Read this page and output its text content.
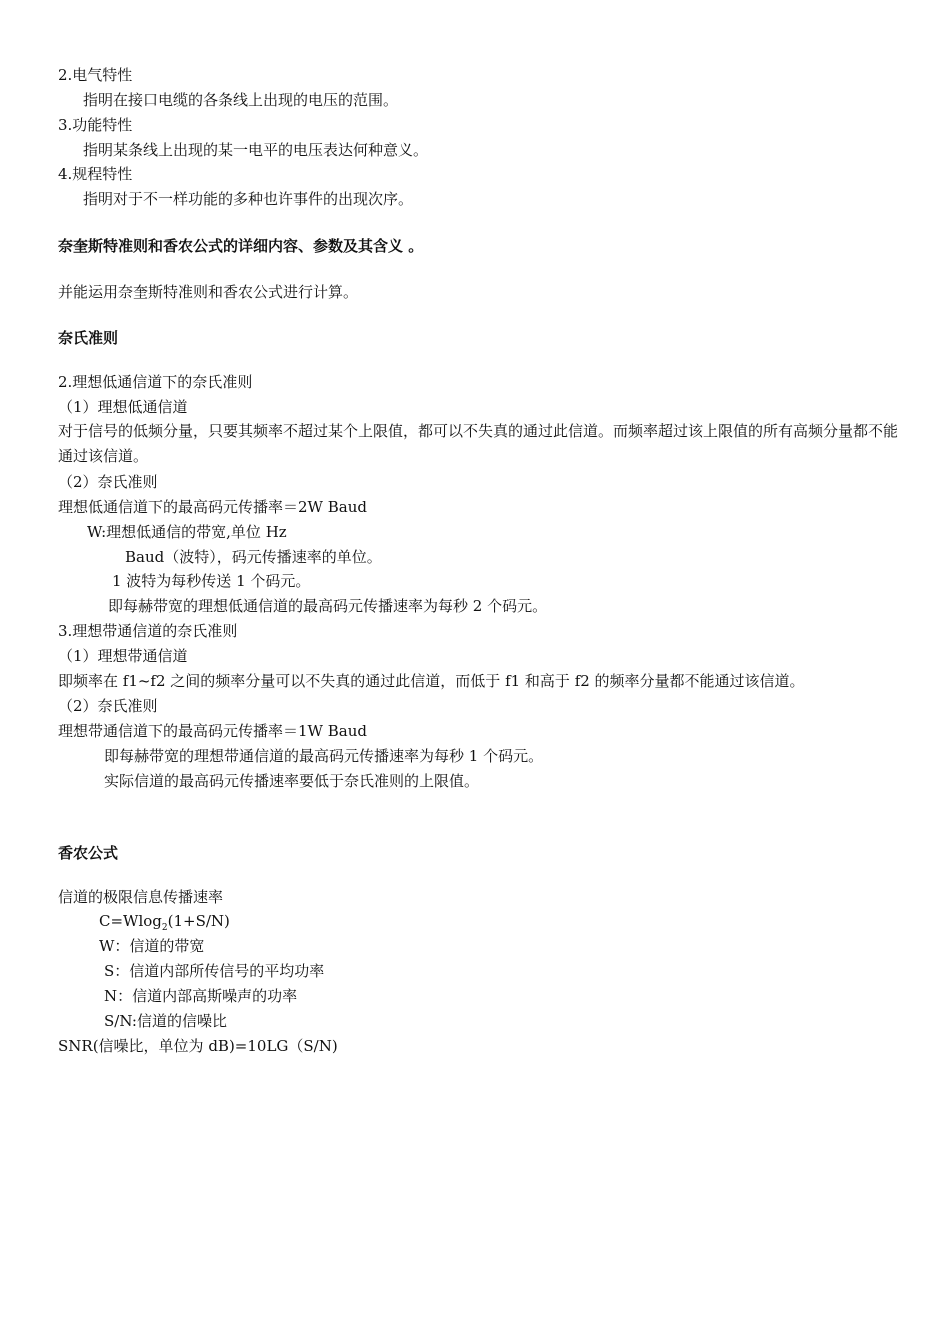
2.电气特性

指明在接口电缆的各条线上出现的电压的范围。

3.功能特性

指明某条线上出现的某一电平的电压表达何种意义。

4.规程特性

指明对于不一样功能的多种也许事件的出现次序。

奈奎斯特准则和香农公式的详细内容、参数及其含义 。

并能运用奈奎斯特准则和香农公式进行计算。

奈氏准则

2.理想低通信道下的奈氏准则

（1）理想低通信道

对于信号的低频分量，只要其频率不超过某个上限值，都可以不失真的通过此信道。而频率超过该上限值的所有高频分量都不能通过该信道。

（2）奈氏准则

理想低通信道下的最高码元传播率＝2W Baud

W:理想低通信的带宽,单位 Hz

Baud（波特），码元传播速率的单位。

1 波特为每秒传送 1 个码元。

即每赫带宽的理想低通信道的最高码元传播速率为每秒 2 个码元。

3.理想带通信道的奈氏准则

（1）理想带通信道

即频率在 f1~f2 之间的频率分量可以不失真的通过此信道，而低于 f1 和高于 f2 的频率分量都不能通过该信道。

（2）奈氏准则

理想带通信道下的最高码元传播率＝1W Baud

即每赫带宽的理想带通信道的最高码元传播速率为每秒 1 个码元。

实际信道的最高码元传播速率要低于奈氏准则的上限值。

香农公式

信道的极限信息传播速率

C=Wlog$_2$(1+S/N)

W：信道的带宽

S：信道内部所传信号的平均功率

N：信道内部高斯噪声的功率

S/N:信道的信噪比

SNR(信噪比，单位为 dB)=10LG（S/N)
